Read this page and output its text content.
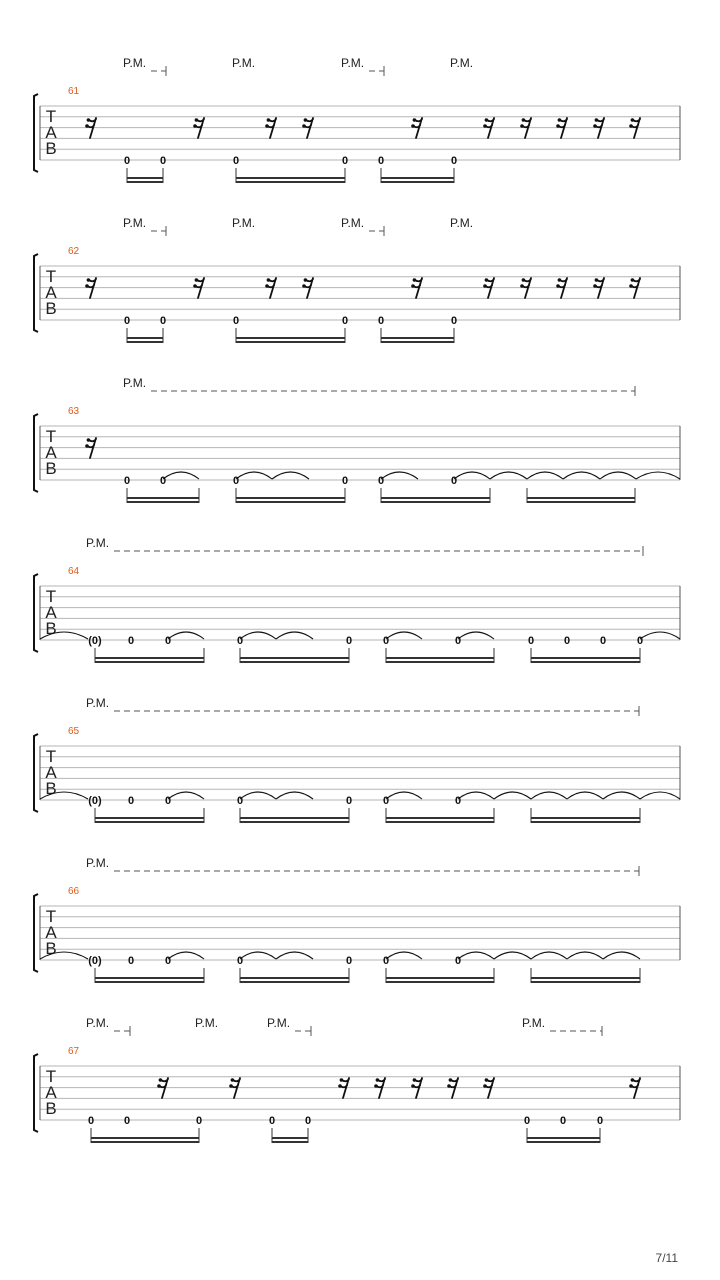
T
A
B
61
P.M.	P.M.	P.M.	P.M.
0	0	0	0	0	0
T
A
B
62
P.M.	P.M.	P.M.	P.M.
0	0	0	0	0	0
T
A
B
63
P.M.
0	0	0	0	0	0
T
A
B
64
P.M.
(0) 0	0	0	0	0	0	0	0	0	0
T
A
B
65
P.M.
(0) 0	0	0	0	0	0
T
A
B
66
P.M.
(0) 0	0	0	0	0	0
T
A
B
67
P.M.	P.M.	P.M.	P.M.
0	0	0	0	0	0	0	0
7/11
